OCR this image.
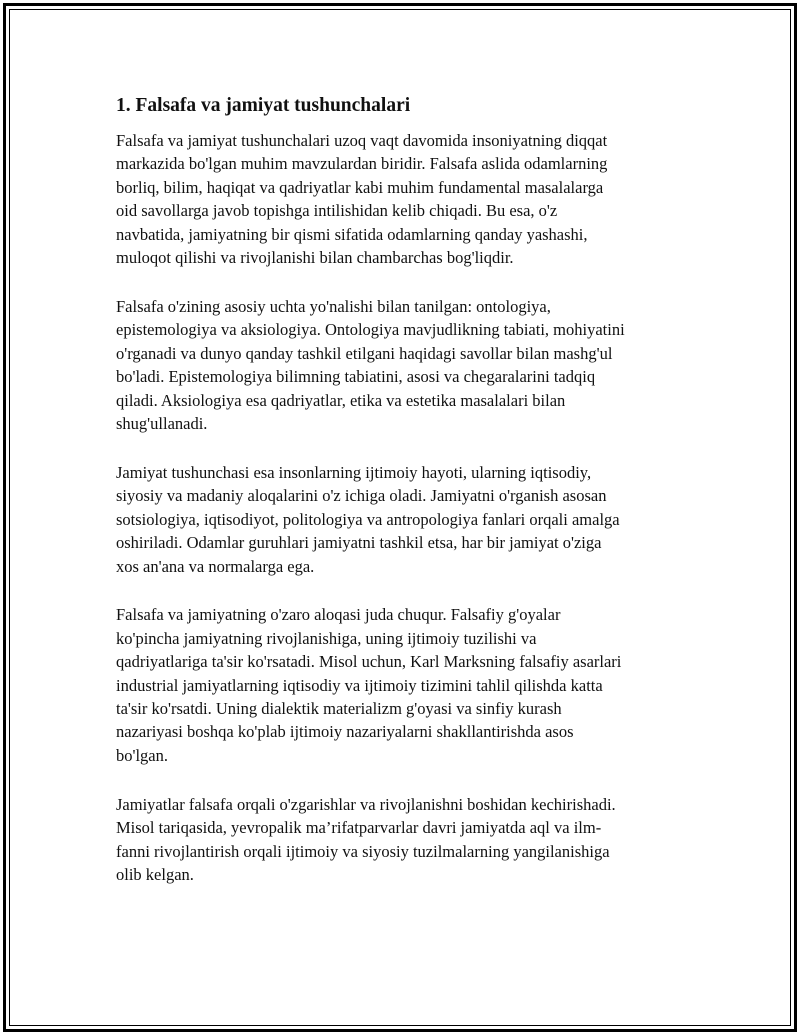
1. Falsafa va jamiyat tushunchalari

Falsafa va jamiyat tushunchalari uzoq vaqt davomida insoniyatning diqqat
markazida bo'lgan muhim mavzulardan biridir. Falsafa aslida odamlarning
borliq, bilim, haqiqat va qadriyatlar kabi muhim fundamental masalalarga
oid savollarga javob topishga intilishidan kelib chiqadi. Bu esa, o'z
navbatida, jamiyatning bir qismi sifatida odamlarning qanday yashashi,
muloqot qilishi va rivojlanishi bilan chambarchas bog'liqdir.

Falsafa o'zining asosiy uchta yo'nalishi bilan tanilgan: ontologiya,
epistemologiya va aksiologiya. Ontologiya mavjudlikning tabiati, mohiyatini
o'rganadi va dunyo qanday tashkil etilgani haqidagi savollar bilan mashg'ul
bo'ladi. Epistemologiya bilimning tabiatini, asosi va chegaralarini tadqiq
qiladi. Aksiologiya esa qadriyatlar, etika va estetika masalalari bilan
shug'ullanadi.

Jamiyat tushunchasi esa insonlarning ijtimoiy hayoti, ularning iqtisodiy,
siyosiy va madaniy aloqalarini o'z ichiga oladi. Jamiyatni o'rganish asosan
sotsiologiya, iqtisodiyot, politologiya va antropologiya fanlari orqali amalga
oshiriladi. Odamlar guruhlari jamiyatni tashkil etsa, har bir jamiyat o'ziga
xos an'ana va normalarga ega.

Falsafa va jamiyatning o'zaro aloqasi juda chuqur. Falsafiy g'oyalar
ko'pincha jamiyatning rivojlanishiga, uning ijtimoiy tuzilishi va
qadriyatlariga ta'sir ko'rsatadi. Misol uchun, Karl Marksning falsafiy asarlari
industrial jamiyatlarning iqtisodiy va ijtimoiy tizimini tahlil qilishda katta
ta'sir ko'rsatdi. Uning dialektik materializm g'oyasi va sinfiy kurash
nazariyasi boshqa ko'plab ijtimoiy nazariyalarni shakllantirishda asos
bo'lgan.

Jamiyatlar falsafa orqali o'zgarishlar va rivojlanishni boshidan kechirishadi.
Misol tariqasida, yevropalik ma’rifatparvarlar davri jamiyatda aql va ilm-
fanni rivojlantirish orqali ijtimoiy va siyosiy tuzilmalarning yangilanishiga
olib kelgan.
